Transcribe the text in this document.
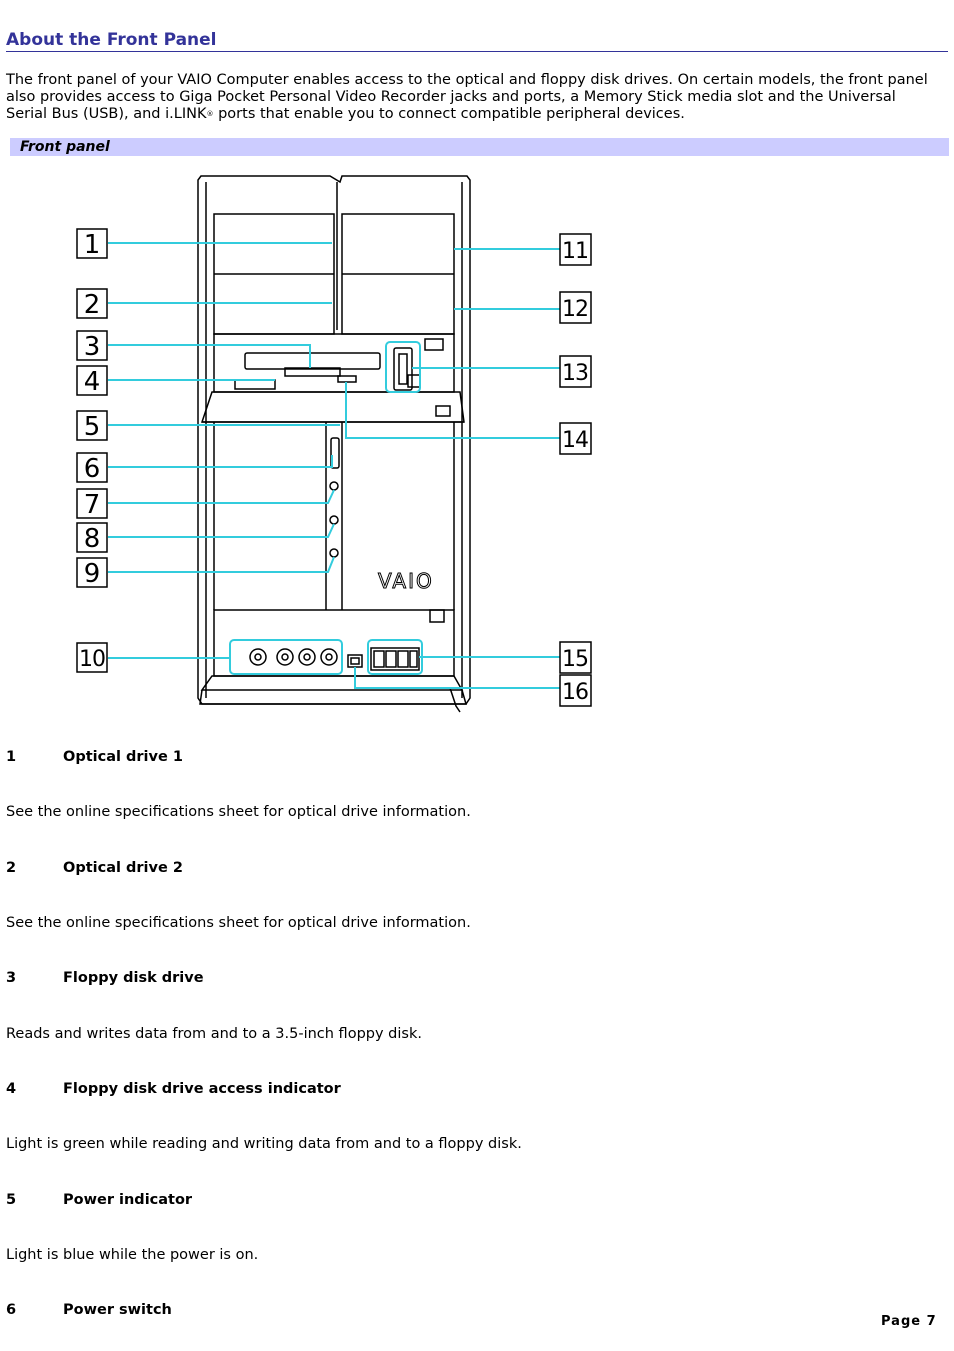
About the Front Panel

The front panel of your VAIO Computer enables access to the optical and floppy disk drives. On certain models, the front panel also provides access to Giga Pocket Personal Video Recorder jacks and ports, a Memory Stick media slot and the Universal Serial Bus (USB), and i.LINK® ports that enable you to connect compatible peripheral devices.

Front panel
VAIO
1
2
3
4
5
6
7
8
9
10
11
12
13
14
15
16
1	Optical drive 1
See the online specifications sheet for optical drive information.
2	Optical drive 2
See the online specifications sheet for optical drive information.
3	Floppy disk drive
Reads and writes data from and to a 3.5-inch floppy disk.
4	Floppy disk drive access indicator
Light is green while reading and writing data from and to a floppy disk.
5	Power indicator
Light is blue while the power is on.
6	Power switch
Page 7
